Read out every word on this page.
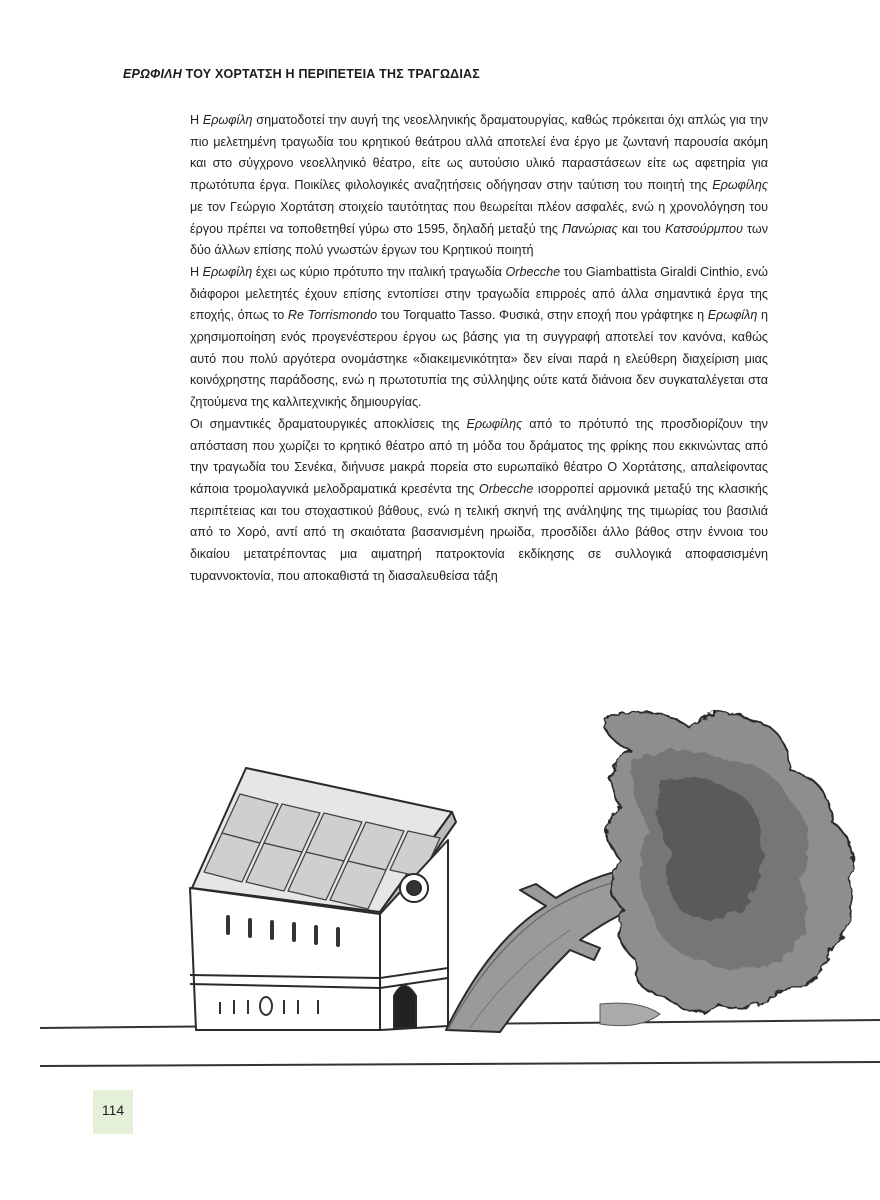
ΕΡΩΦΙΛΗ ΤΟΥ ΧΟΡΤΑΤΣΗ Η ΠΕΡΙΠΕΤΕΙΑ ΤΗΣ ΤΡΑΓΩΔΙΑΣ

Η Ερωφίλη σηματοδοτεί την αυγή της νεοελληνικής δραματουργίας, καθώς πρόκειται όχι απλώς για την πιο μελετημένη τραγωδία του κρητικού θεάτρου αλλά αποτελεί ένα έργο με ζωντανή παρουσία ακόμη και στο σύγχρονο νεοελληνικό θέατρο, είτε ως αυτούσιο υλικό παραστάσεων είτε ως αφετηρία για πρωτότυπα έργα. Ποικίλες φιλολογικές αναζητήσεις οδήγησαν στην ταύτιση του ποιητή της Ερωφίλης με τον Γεώργιο Χορτάτση στοιχείο ταυτότητας που θεωρείται πλέον ασφαλές, ενώ η χρονολόγηση του έργου πρέπει να τοποθετηθεί γύρω στο 1595, δηλαδή μεταξύ της Πανώριας και του Κατσούρμπου των δύο άλλων επίσης πολύ γνωστών έργων του Κρητικού ποιητή

Η Ερωφίλη έχει ως κύριο πρότυπο την ιταλική τραγωδία Orbecche του Giambattista Giraldi Cinthio, ενώ διάφοροι μελετητές έχουν επίσης εντοπίσει στην τραγωδία επιρροές από άλλα σημαντικά έργα της εποχής, όπως το Re Torrismondo του Torquatto Tasso. Φυσικά, στην εποχή που γράφτηκε η Ερωφίλη η χρησιμοποίηση ενός προγενέστερου έργου ως βάσης για τη συγγραφή αποτελεί τον κανόνα, καθώς αυτό που πολύ αργότερα ονομάστηκε «διακειμενικότητα» δεν είναι παρά η ελεύθερη διαχείριση μιας κοινόχρηστης παράδοσης, ενώ η πρωτοτυπία της σύλληψης ούτε κατά διάνοια δεν συγκαταλέγεται στα ζητούμενα της καλλιτεχνικής δημιουργίας.

Οι σημαντικές δραματουργικές αποκλίσεις της Ερωφίλης από το πρότυπό της προσδιορίζουν την απόσταση που χωρίζει το κρητικό θέατρο από τη μόδα του δράματος της φρίκης που εκκινώντας από την τραγωδία του Σενέκα, διήνυσε μακρά πορεία στο ευρωπαϊκό θέατρο Ο Χορτάτσης, απαλείφοντας κάποια τρομολαγνικά μελοδραματικά κρεσέντα της Orbecche ισορροπεί αρμονικά μεταξύ της κλασικής περιπέτειας και του στοχαστικού βάθους, ενώ η τελική σκηνή της ανάληψης της τιμωρίας του βασιλιά από το Χορό, αντί από τη σκαιότατα βασανισμένη ηρωίδα, προσδίδει άλλο βάθος στην έννοια του δικαίου μετατρέποντας μια αιματηρή πατροκτονία εκδίκησης σε συλλογικά αποφασισμένη τυραννοκτονία, που αποκαθιστά τη διασαλευθείσα τάξη

114
